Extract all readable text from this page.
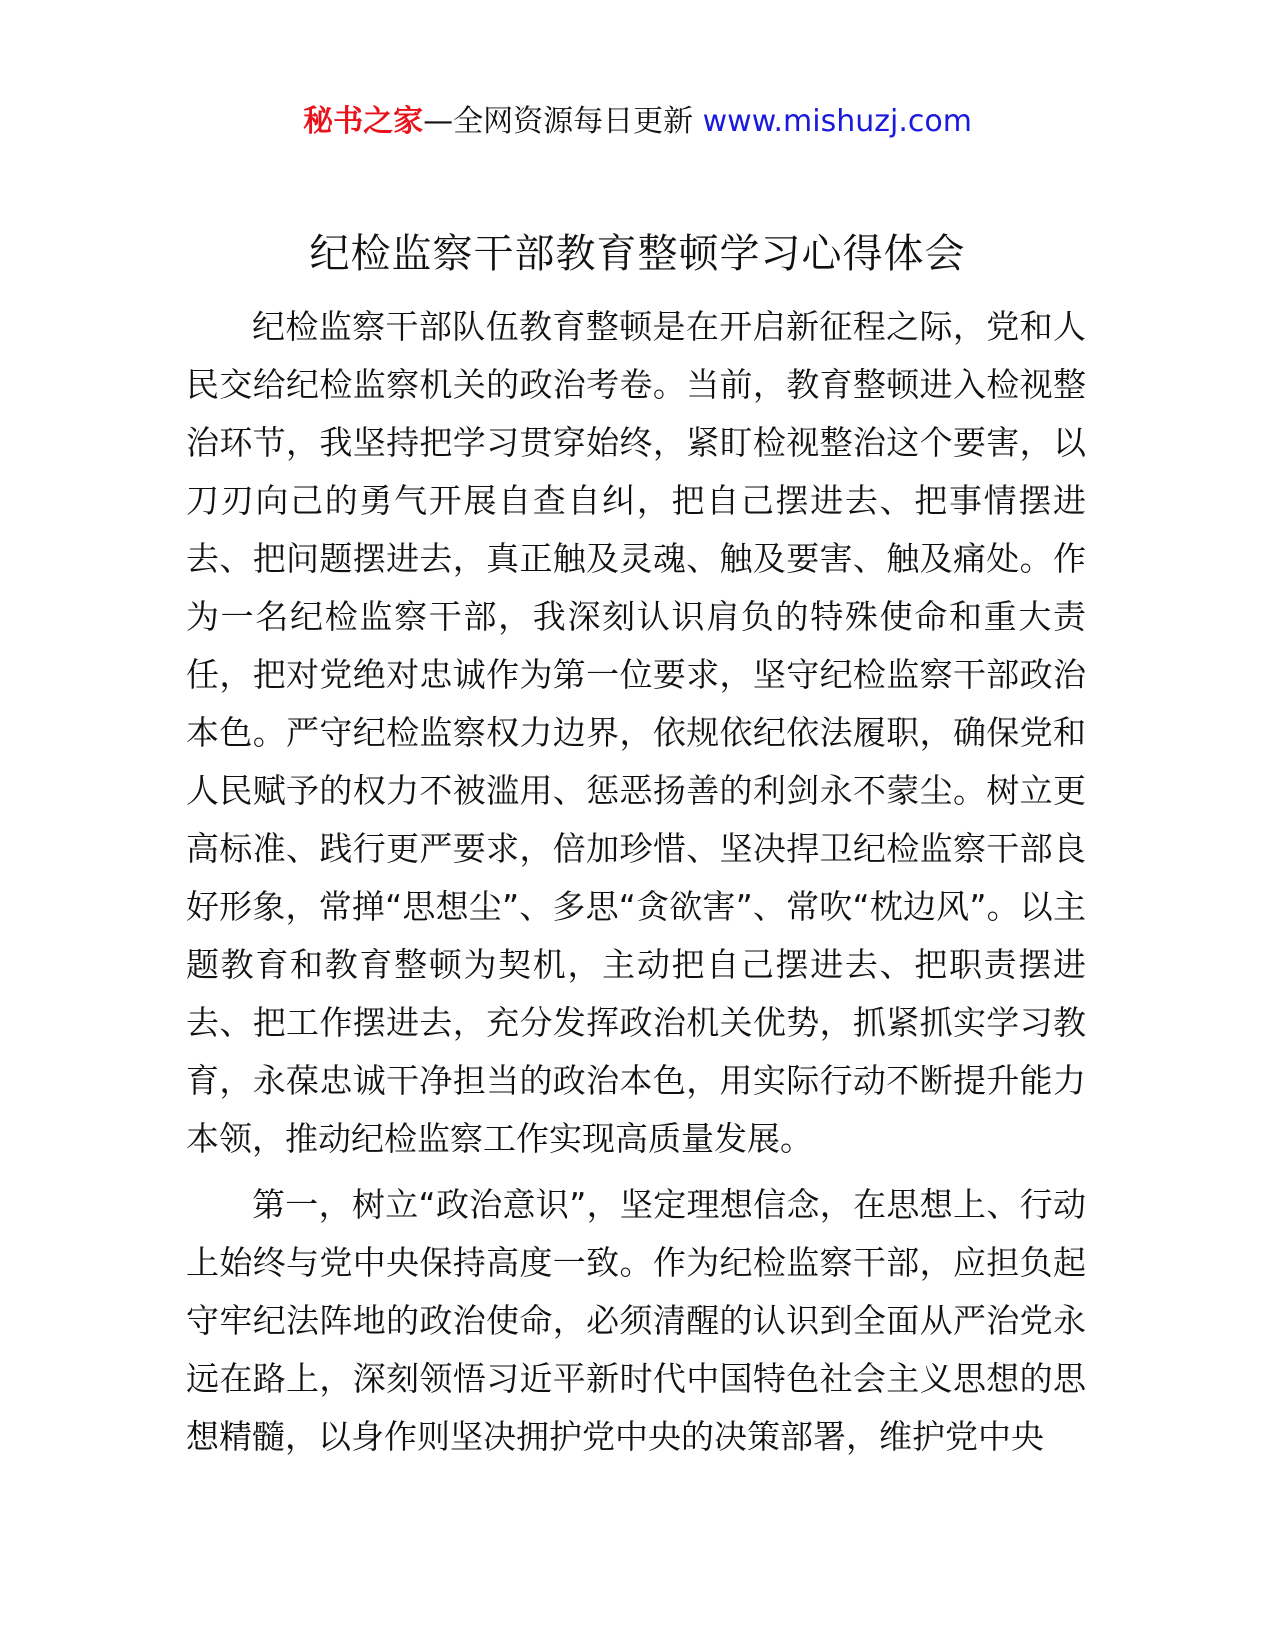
秘书之家—全网资源每日更新 www.mishuzj.com
纪检监察干部教育整顿学习心得体会

纪检监察干部队伍教育整顿是在开启新征程之际，党和人民交给纪检监察机关的政治考卷。当前，教育整顿进入检视整治环节，我坚持把学习贯穿始终，紧盯检视整治这个要害，以刀刃向己的勇气开展自查自纠，把自己摆进去、把事情摆进去、把问题摆进去，真正触及灵魂、触及要害、触及痛处。作为一名纪检监察干部，我深刻认识肩负的特殊使命和重大责任，把对党绝对忠诚作为第一位要求，坚守纪检监察干部政治本色。严守纪检监察权力边界，依规依纪依法履职，确保党和人民赋予的权力不被滥用、惩恶扬善的利剑永不蒙尘。树立更高标准、践行更严要求，倍加珍惜、坚决捍卫纪检监察干部良好形象，常掸“思想尘”、多思“贪欲害”、常吹“枕边风”。以主题教育和教育整顿为契机，主动把自己摆进去、把职责摆进去、把工作摆进去，充分发挥政治机关优势，抓紧抓实学习教育，永葆忠诚干净担当的政治本色，用实际行动不断提升能力本领，推动纪检监察工作实现高质量发展。

第一，树立“政治意识”，坚定理想信念，在思想上、行动上始终与党中央保持高度一致。作为纪检监察干部，应担负起守牢纪法阵地的政治使命，必须清醒的认识到全面从严治党永远在路上，深刻领悟习近平新时代中国特色社会主义思想的思想精髓，以身作则坚决拥护党中央的决策部署，维护党中央
